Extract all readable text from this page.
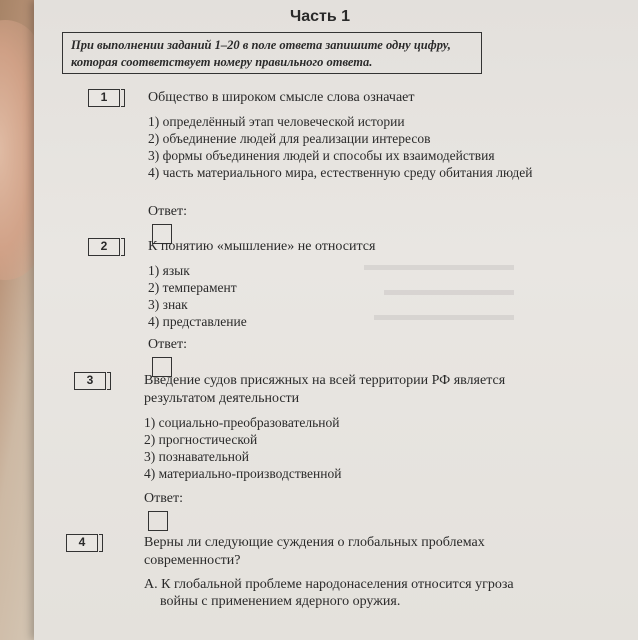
Часть 1
При выполнении заданий 1–20 в поле ответа запишите одну цифру, которая соответствует номеру правильного ответа.
1	Общество в широком смысле слова означает
1) определённый этап человеческой истории
2) объединение людей для реализации интересов
3) формы объединения людей и способы их взаимодействия
4) часть материального мира, естественную среду обитания людей
Ответ:
2	К понятию «мышление» не относится
1) язык
2) темперамент
3) знак
4) представление
Ответ:
3	Введение судов присяжных на всей территории РФ является результатом деятельности
1) социально-преобразовательной
2) прогностической
3) познавательной
4) материально-производственной
Ответ:
4	Верны ли следующие суждения о глобальных проблемах современности?
А. К глобальной проблеме народонаселения относится угроза войны с применением ядерного оружия.
